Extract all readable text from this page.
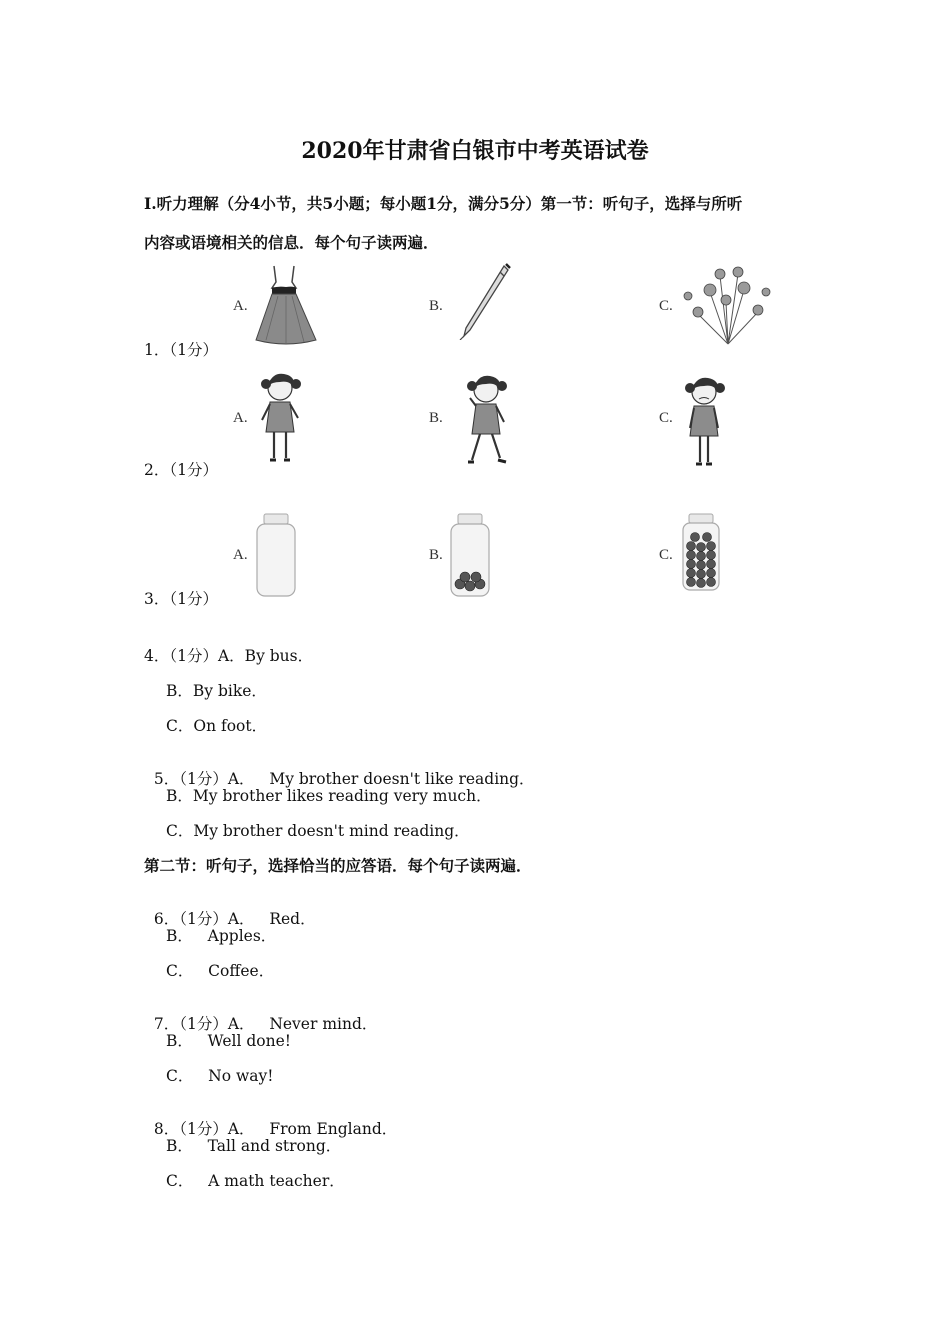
2020年甘肃省白银市中考英语试卷
Ⅰ.听力理解（分4小节，共5小题；每小题1分，满分5分）第一节：听句子，选择与所听
内容或语境相关的信息．每个句子读两遍．
1．（1分）
A.	B.	C.
2．（1分）
A.	B.	C.
3．（1分）
A.	B.	C.
4．（1分）A．By bus．
B．By bike．
C．On foot．

5．（1分）A．   My brother doesn't like reading．

B．My brother likes reading very much．
C．My brother doesn't mind reading．
第二节：听句子，选择恰当的应答语．每个句子读两遍．

6．（1分）A．   Red．

B．   Apples．
C．   Coffee．

7．（1分）A．   Never mind．

B．   Well done!
C．   No way!

8．（1分）A．   From England．

B．   Tall and strong．
C．   A math teacher．
